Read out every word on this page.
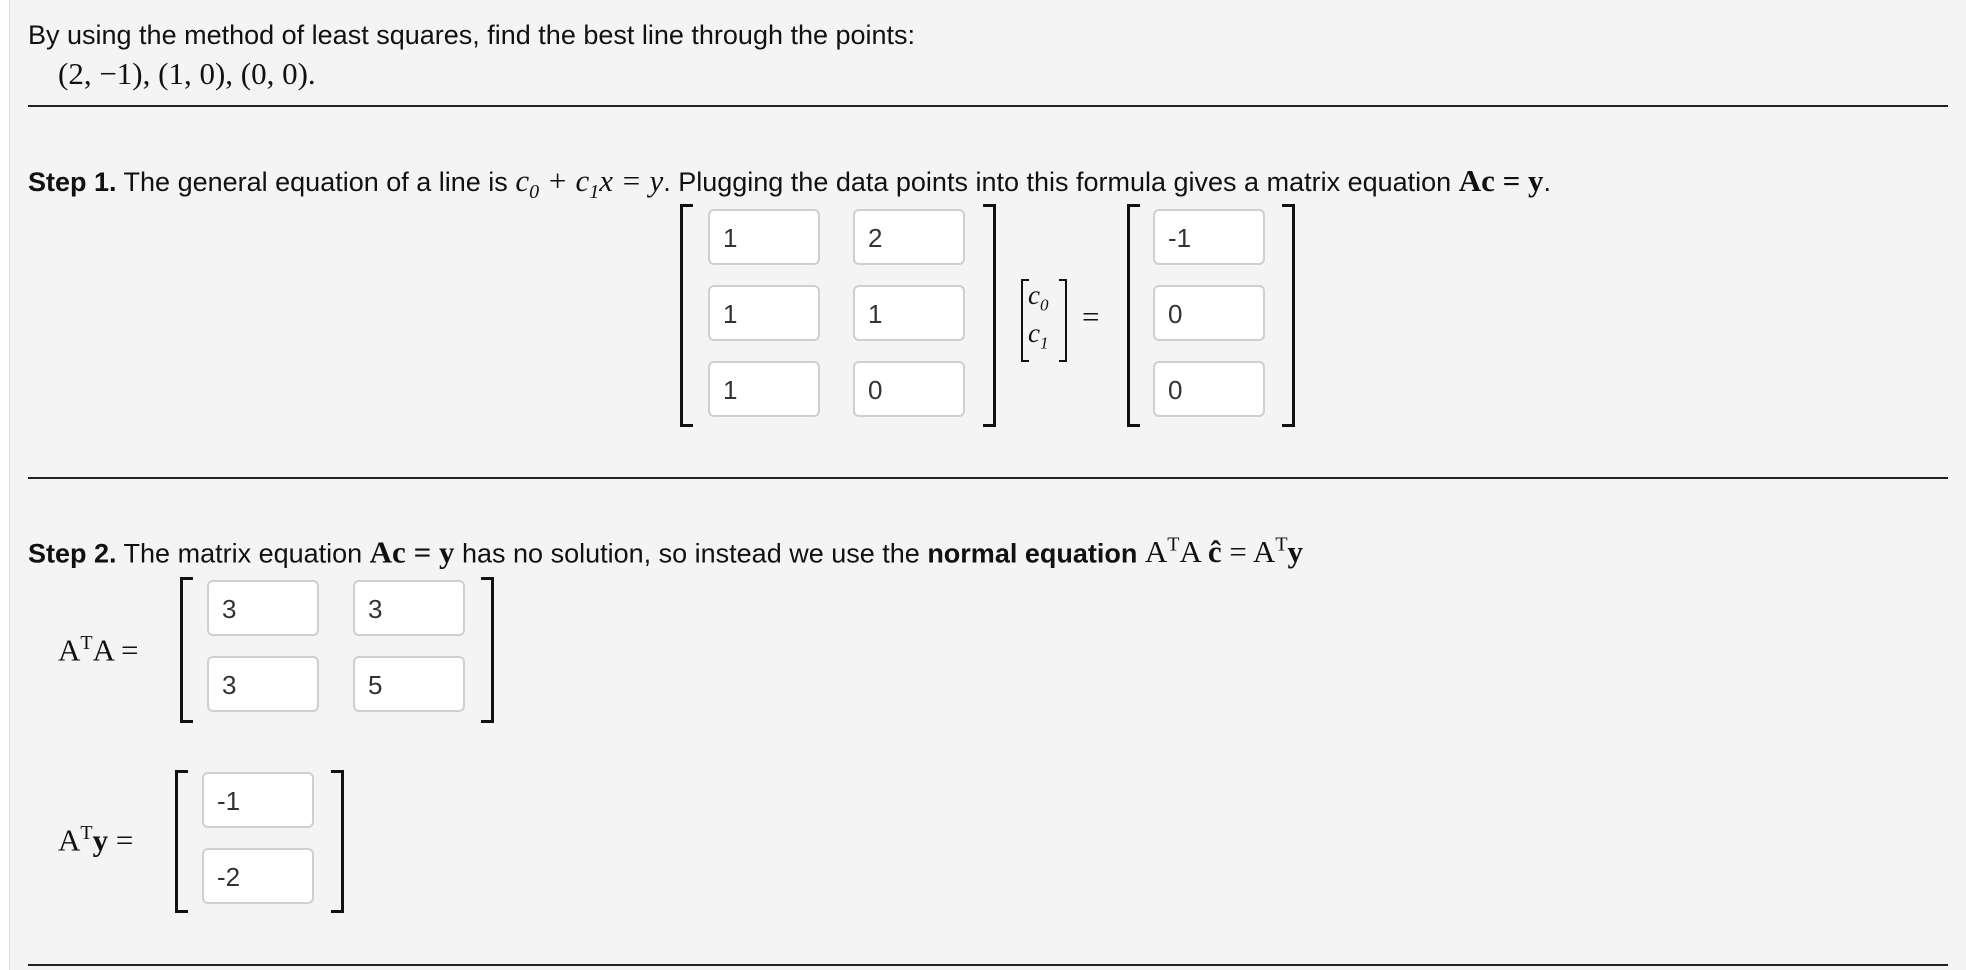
By using the method of least squares, find the best line through the points:
(2, −1), (1, 0), (0, 0).
Step 1. The general equation of a line is $c_0 + c_1x = y$. Plugging the data points into this formula gives a matrix equation Ac = y.
1	2
1	1
1	0
$c_0$
$c_1$
=
-1
0
0
Step 2. The matrix equation Ac = y has no solution, so instead we use the normal equation $A^TA$ ĉ = $A^Ty$
$A^TA$ =
3	3
3	5
$A^Ty$ =
-1
-2
